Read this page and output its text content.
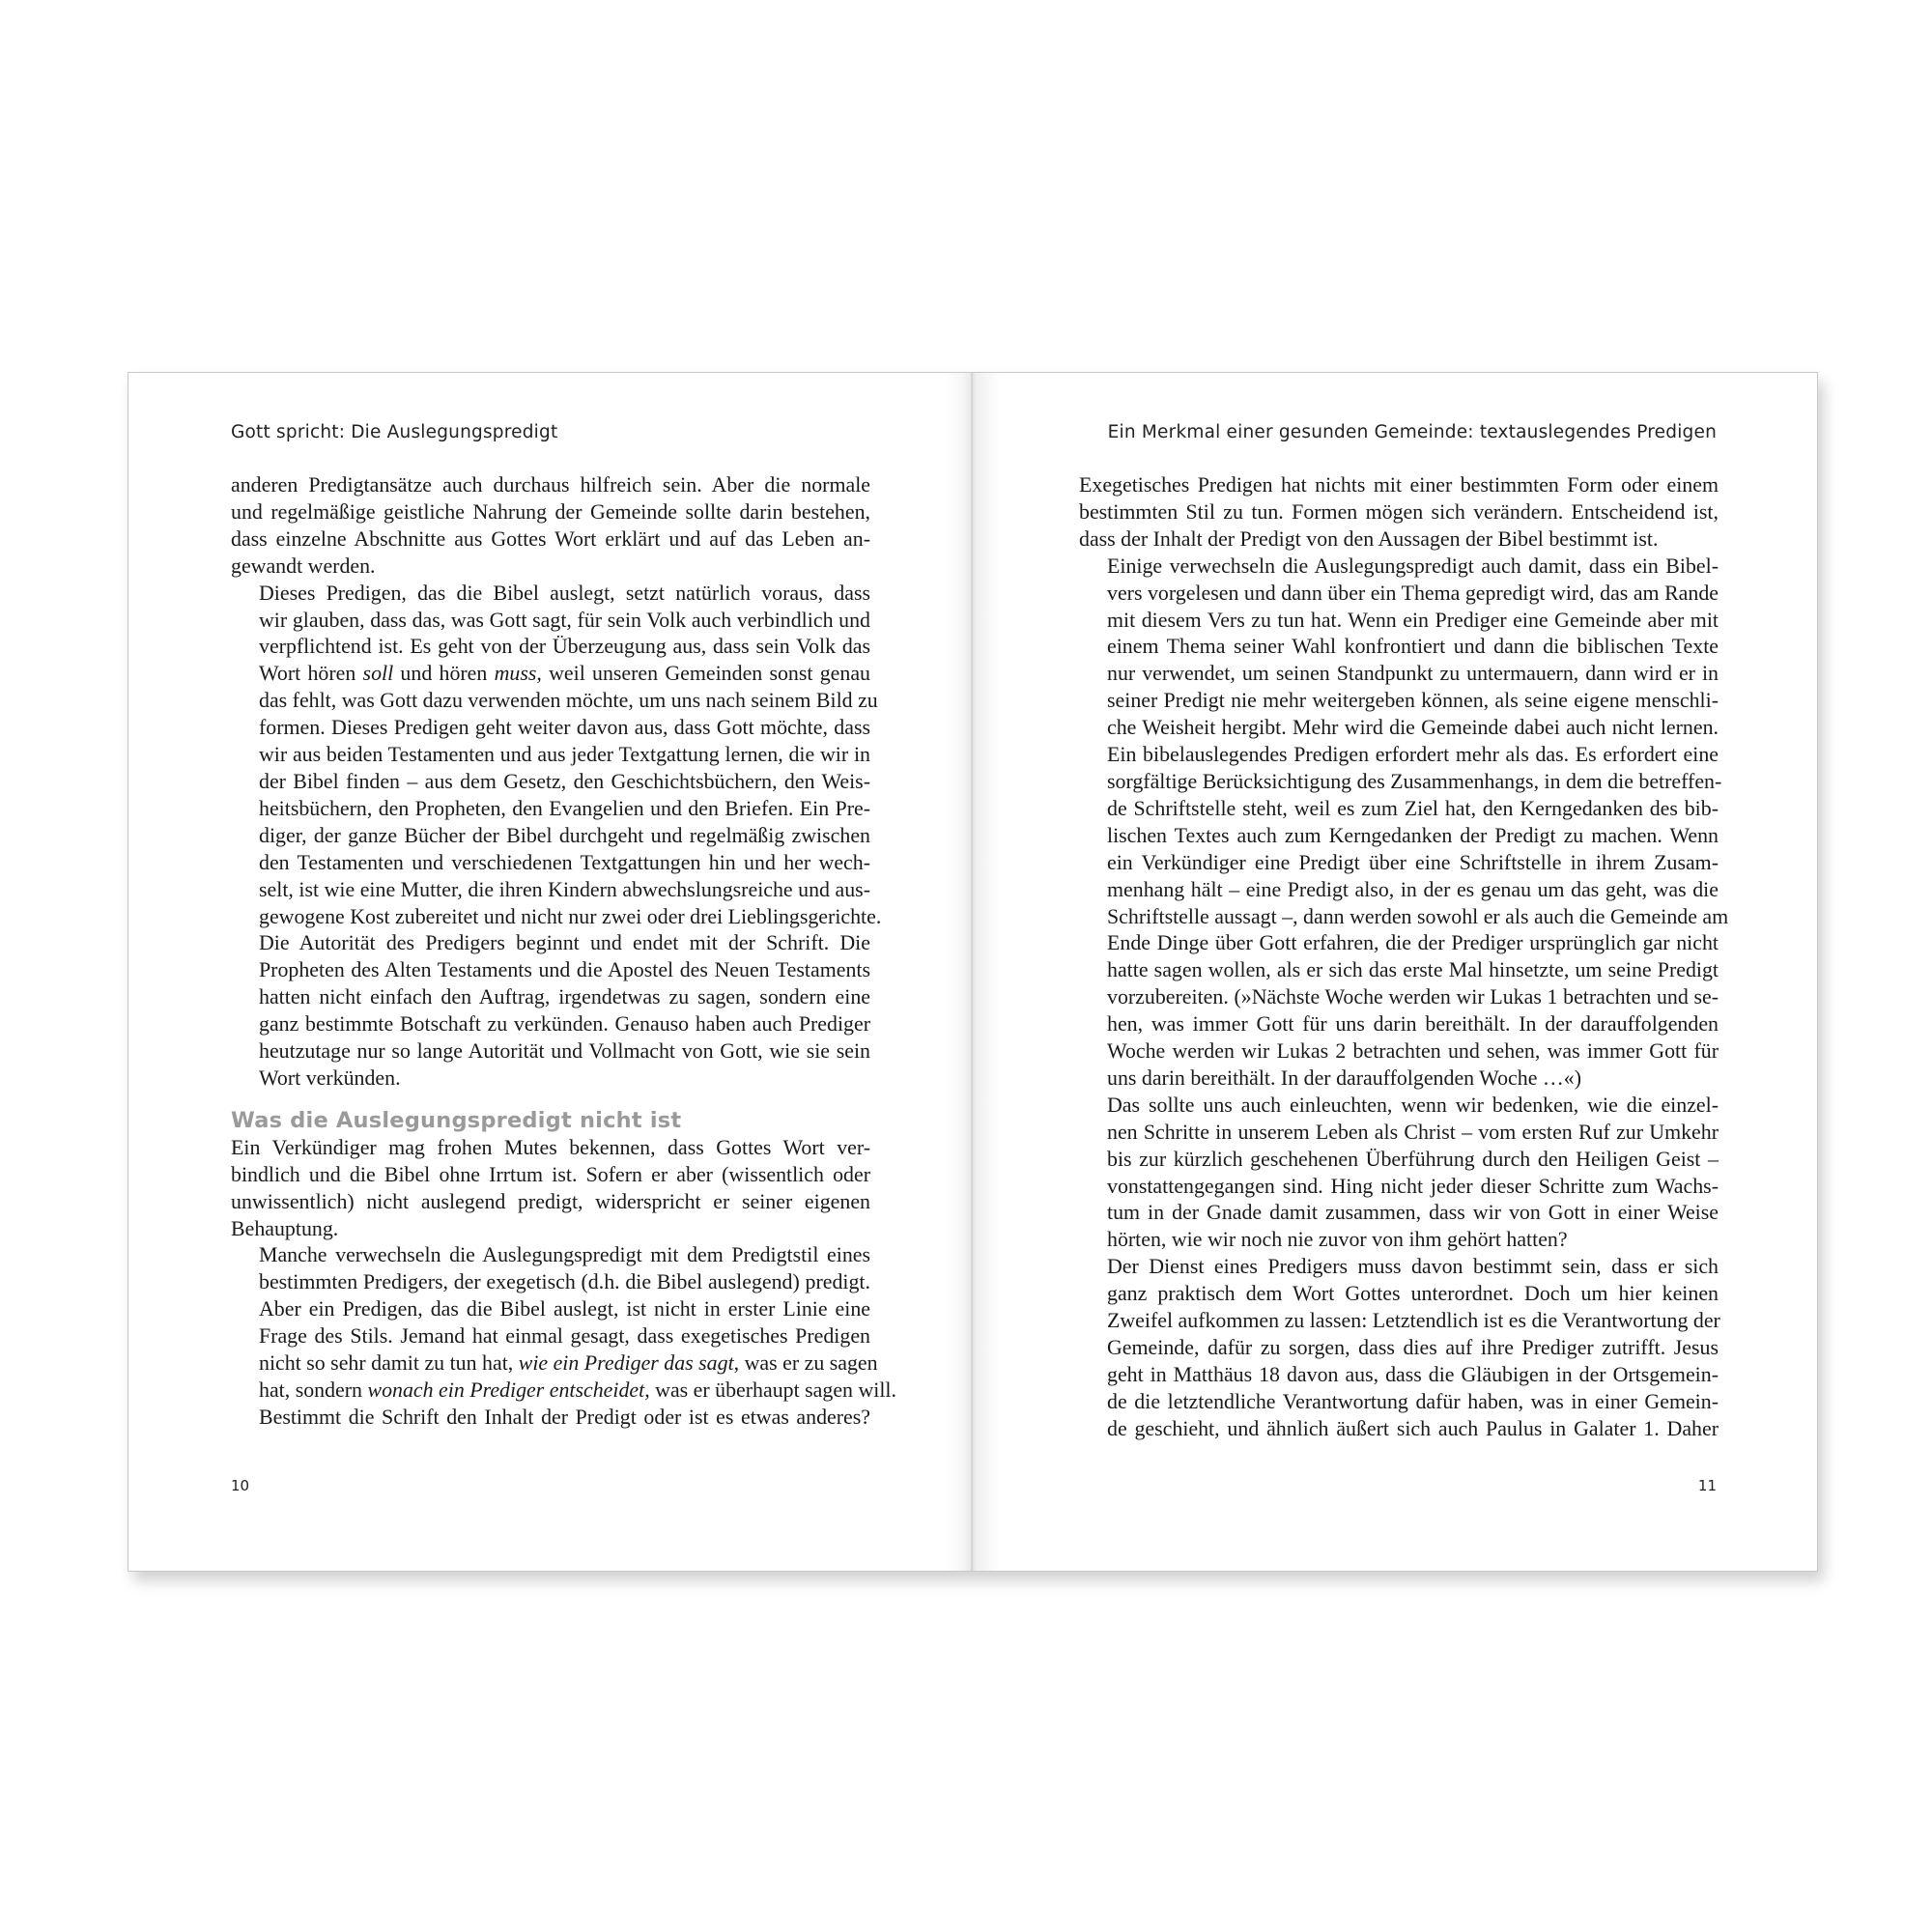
Gott spricht: Die Auslegungspredigt

anderen Predigtansätze auch durchaus hilfreich sein. Aber die normale
und regelmäßige geistliche Nahrung der Gemeinde sollte darin bestehen,
dass einzelne Abschnitte aus Gottes Wort erklärt und auf das Leben an-
gewandt werden.

Dieses Predigen, das die Bibel auslegt, setzt natürlich voraus, dass
wir glauben, dass das, was Gott sagt, für sein Volk auch verbindlich und
verpflichtend ist. Es geht von der Überzeugung aus, dass sein Volk das
Wort hören soll und hören muss, weil unseren Gemeinden sonst genau
das fehlt, was Gott dazu verwenden möchte, um uns nach seinem Bild zu
formen. Dieses Predigen geht weiter davon aus, dass Gott möchte, dass
wir aus beiden Testamenten und aus jeder Textgattung lernen, die wir in
der Bibel finden – aus dem Gesetz, den Geschichtsbüchern, den Weis-
heitsbüchern, den Propheten, den Evangelien und den Briefen. Ein Pre-
diger, der ganze Bücher der Bibel durchgeht und regelmäßig zwischen
den Testamenten und verschiedenen Textgattungen hin und her wech-
selt, ist wie eine Mutter, die ihren Kindern abwechslungsreiche und aus-
gewogene Kost zubereitet und nicht nur zwei oder drei Lieblingsgerichte.

Die Autorität des Predigers beginnt und endet mit der Schrift. Die
Propheten des Alten Testaments und die Apostel des Neuen Testaments
hatten nicht einfach den Auftrag, irgendetwas zu sagen, sondern eine
ganz bestimmte Botschaft zu verkünden. Genauso haben auch Prediger
heutzutage nur so lange Autorität und Vollmacht von Gott, wie sie sein
Wort verkünden.

Was die Auslegungspredigt nicht ist

Ein Verkündiger mag frohen Mutes bekennen, dass Gottes Wort ver-
bindlich und die Bibel ohne Irrtum ist. Sofern er aber (wissentlich oder
unwissentlich) nicht auslegend predigt, widerspricht er seiner eigenen
Behauptung.

Manche verwechseln die Auslegungspredigt mit dem Predigtstil eines
bestimmten Predigers, der exegetisch (d.h. die Bibel auslegend) predigt.
Aber ein Predigen, das die Bibel auslegt, ist nicht in erster Linie eine
Frage des Stils. Jemand hat einmal gesagt, dass exegetisches Predigen
nicht so sehr damit zu tun hat, wie ein Prediger das sagt, was er zu sagen
hat, sondern wonach ein Prediger entscheidet, was er überhaupt sagen will.
Bestimmt die Schrift den Inhalt der Predigt oder ist es etwas anderes?

10
Ein Merkmal einer gesunden Gemeinde: textauslegendes Predigen

Exegetisches Predigen hat nichts mit einer bestimmten Form oder einem
bestimmten Stil zu tun. Formen mögen sich verändern. Entscheidend ist,
dass der Inhalt der Predigt von den Aussagen der Bibel bestimmt ist.

Einige verwechseln die Auslegungspredigt auch damit, dass ein Bibel-
vers vorgelesen und dann über ein Thema gepredigt wird, das am Rande
mit diesem Vers zu tun hat. Wenn ein Prediger eine Gemeinde aber mit
einem Thema seiner Wahl konfrontiert und dann die biblischen Texte
nur verwendet, um seinen Standpunkt zu untermauern, dann wird er in
seiner Predigt nie mehr weitergeben können, als seine eigene menschli-
che Weisheit hergibt. Mehr wird die Gemeinde dabei auch nicht lernen.
Ein bibelauslegendes Predigen erfordert mehr als das. Es erfordert eine
sorgfältige Berücksichtigung des Zusammenhangs, in dem die betreffen-
de Schriftstelle steht, weil es zum Ziel hat, den Kerngedanken des bib-
lischen Textes auch zum Kerngedanken der Predigt zu machen. Wenn
ein Verkündiger eine Predigt über eine Schriftstelle in ihrem Zusam-
menhang hält – eine Predigt also, in der es genau um das geht, was die
Schriftstelle aussagt –, dann werden sowohl er als auch die Gemeinde am
Ende Dinge über Gott erfahren, die der Prediger ursprünglich gar nicht
hatte sagen wollen, als er sich das erste Mal hinsetzte, um seine Predigt
vorzubereiten. (»Nächste Woche werden wir Lukas 1 betrachten und se-
hen, was immer Gott für uns darin bereithält. In der darauffolgenden
Woche werden wir Lukas 2 betrachten und sehen, was immer Gott für
uns darin bereithält. In der darauffolgenden Woche …«)

Das sollte uns auch einleuchten, wenn wir bedenken, wie die einzel-
nen Schritte in unserem Leben als Christ – vom ersten Ruf zur Umkehr
bis zur kürzlich geschehenen Überführung durch den Heiligen Geist –
vonstattengegangen sind. Hing nicht jeder dieser Schritte zum Wachs-
tum in der Gnade damit zusammen, dass wir von Gott in einer Weise
hörten, wie wir noch nie zuvor von ihm gehört hatten?

Der Dienst eines Predigers muss davon bestimmt sein, dass er sich
ganz praktisch dem Wort Gottes unterordnet. Doch um hier keinen
Zweifel aufkommen zu lassen: Letztendlich ist es die Verantwortung der
Gemeinde, dafür zu sorgen, dass dies auf ihre Prediger zutrifft. Jesus
geht in Matthäus 18 davon aus, dass die Gläubigen in der Ortsgemein-
de die letztendliche Verantwortung dafür haben, was in einer Gemein-
de geschieht, und ähnlich äußert sich auch Paulus in Galater 1. Daher

11
